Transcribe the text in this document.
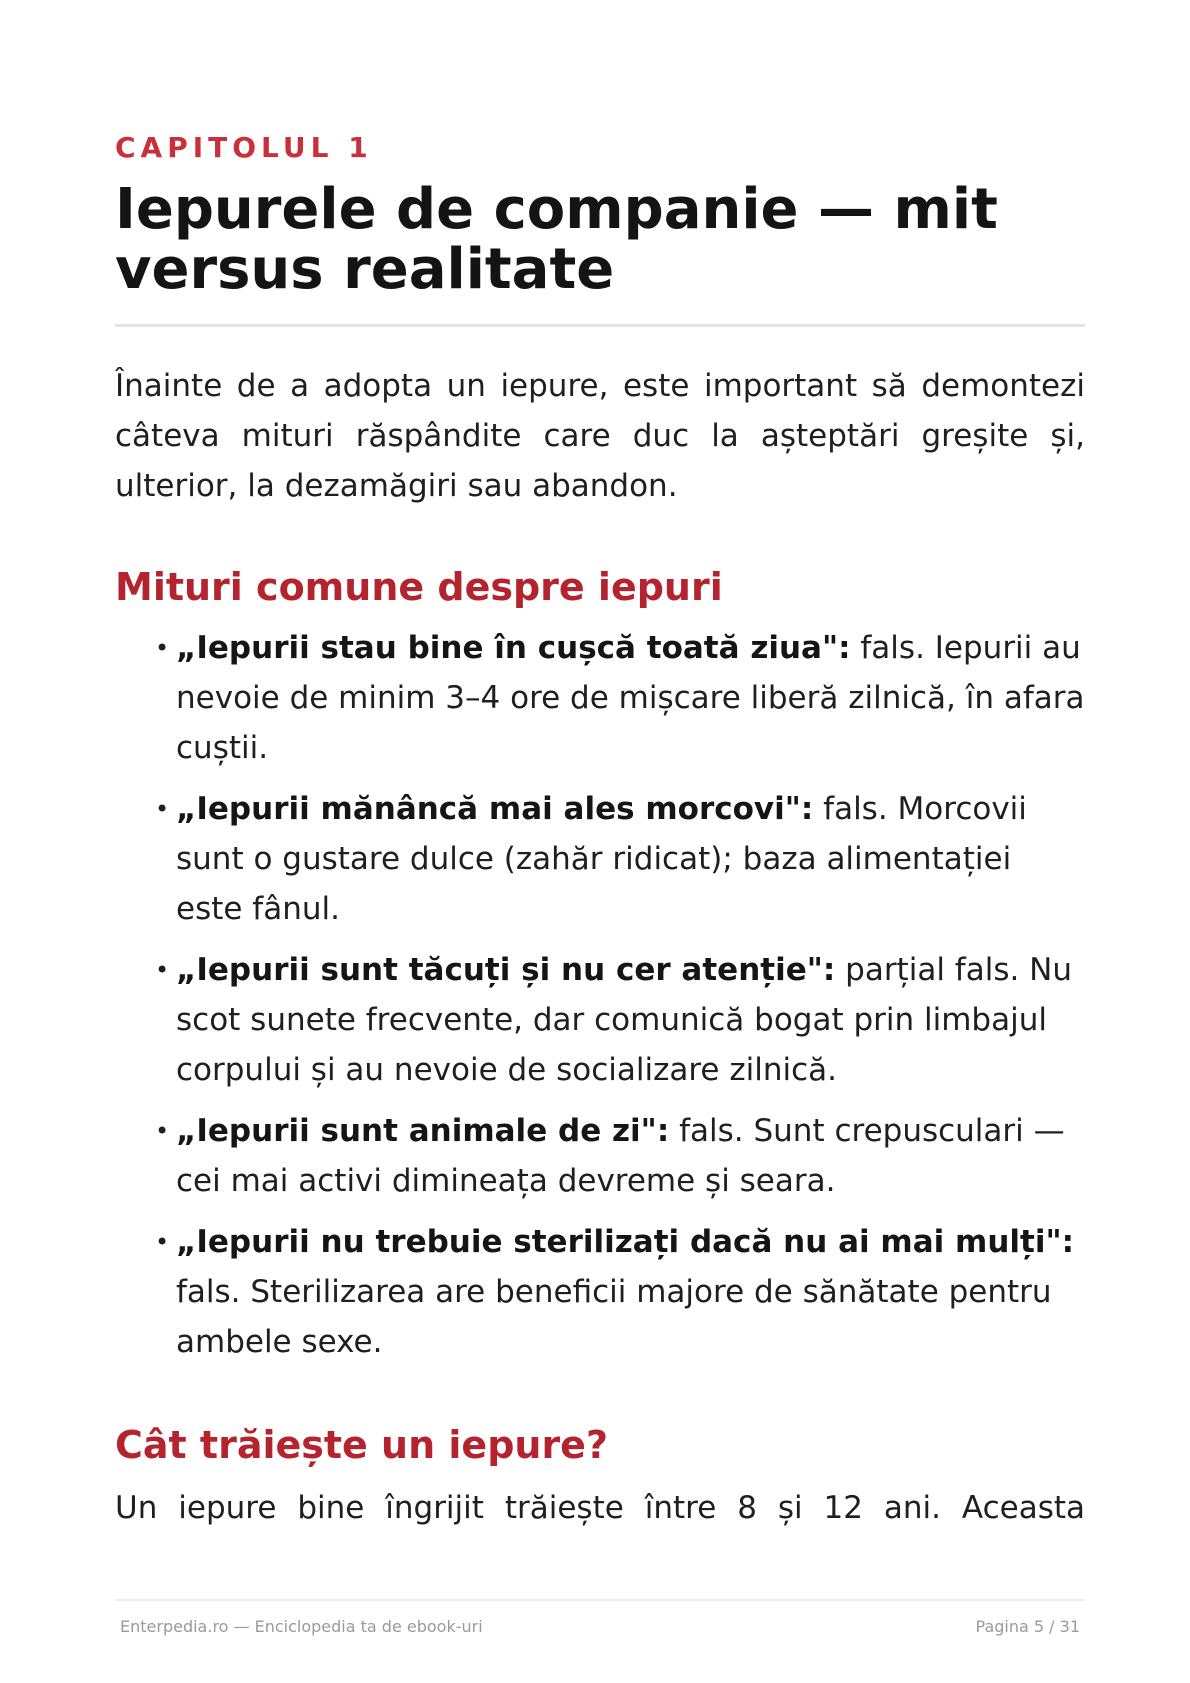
CAPITOLUL 1

Iepurele de companie — mit versus realitate

Înainte de a adopta un iepure, este important să demontezi câteva mituri răspândite care duc la așteptări greșite și, ulterior, la dezamăgiri sau abandon.

Mituri comune despre iepuri
• „Iepurii stau bine în cușcă toată ziua": fals. Iepurii au nevoie de minim 3–4 ore de mișcare liberă zilnică, în afara cuștii.
• „Iepurii mănâncă mai ales morcovi": fals. Morcovii sunt o gustare dulce (zahăr ridicat); baza alimentației este fânul.
• „Iepurii sunt tăcuți și nu cer atenție": parțial fals. Nu scot sunete frecvente, dar comunică bogat prin limbajul corpului și au nevoie de socializare zilnică.
• „Iepurii sunt animale de zi": fals. Sunt crepusculari — cei mai activi dimineața devreme și seara.
• „Iepurii nu trebuie sterilizați dacă nu ai mai mulți": fals. Sterilizarea are beneficii majore de sănătate pentru ambele sexe.
Cât trăiește un iepure?

Un iepure bine îngrijit trăiește între 8 și 12 ani. Aceasta

Enterpedia.ro — Enciclopedia ta de ebook-uri	Pagina 5 / 31
